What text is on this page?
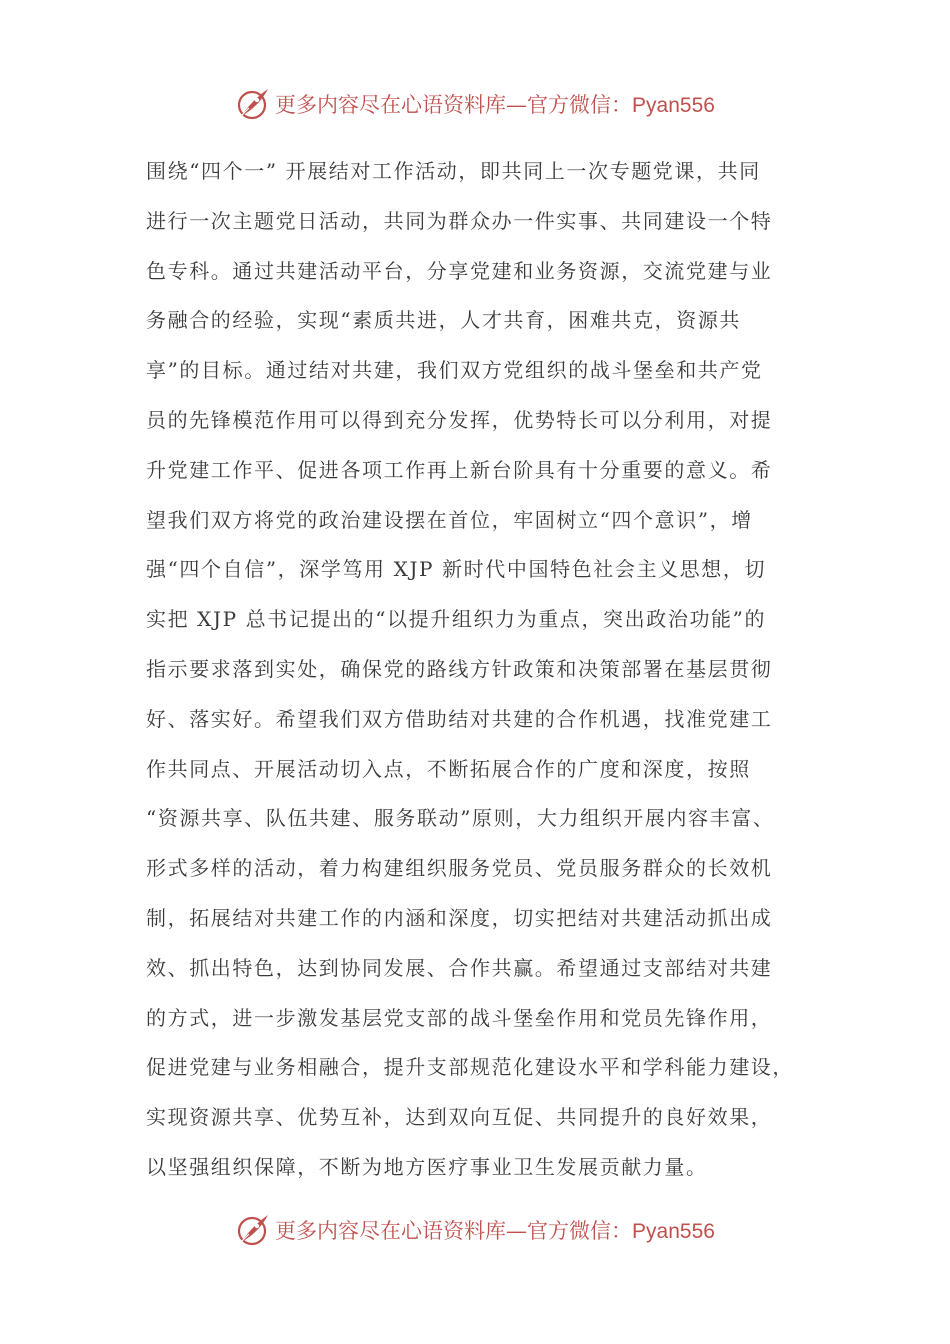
更多内容尽在心语资料库—官方微信：Pyan556
围绕“四个一” 开展结对工作活动，即共同上一次专题党课，共同
进行一次主题党日活动，共同为群众办一件实事、共同建设一个特
色专科。通过共建活动平台，分享党建和业务资源，交流党建与业
务融合的经验，实现“素质共进，人才共育，困难共克，资源共
享”的目标。通过结对共建，我们双方党组织的战斗堡垒和共产党
员的先锋模范作用可以得到充分发挥，优势特长可以分利用，对提
升党建工作平、促进各项工作再上新台阶具有十分重要的意义。希
望我们双方将党的政治建设摆在首位，牢固树立“四个意识”，增
强“四个自信”，深学笃用 XJP 新时代中国特色社会主义思想，切
实把 XJP 总书记提出的“以提升组织力为重点，突出政治功能”的
指示要求落到实处，确保党的路线方针政策和决策部署在基层贯彻
好、落实好。希望我们双方借助结对共建的合作机遇，找准党建工
作共同点、开展活动切入点，不断拓展合作的广度和深度，按照
“资源共享、队伍共建、服务联动”原则，大力组织开展内容丰富、
形式多样的活动，着力构建组织服务党员、党员服务群众的长效机
制，拓展结对共建工作的内涵和深度，切实把结对共建活动抓出成
效、抓出特色，达到协同发展、合作共赢。希望通过支部结对共建
的方式，进一步激发基层党支部的战斗堡垒作用和党员先锋作用，
促进党建与业务相融合，提升支部规范化建设水平和学科能力建设，
实现资源共享、优势互补，达到双向互促、共同提升的良好效果，
以坚强组织保障，不断为地方医疗事业卫生发展贡献力量。
更多内容尽在心语资料库—官方微信：Pyan556
